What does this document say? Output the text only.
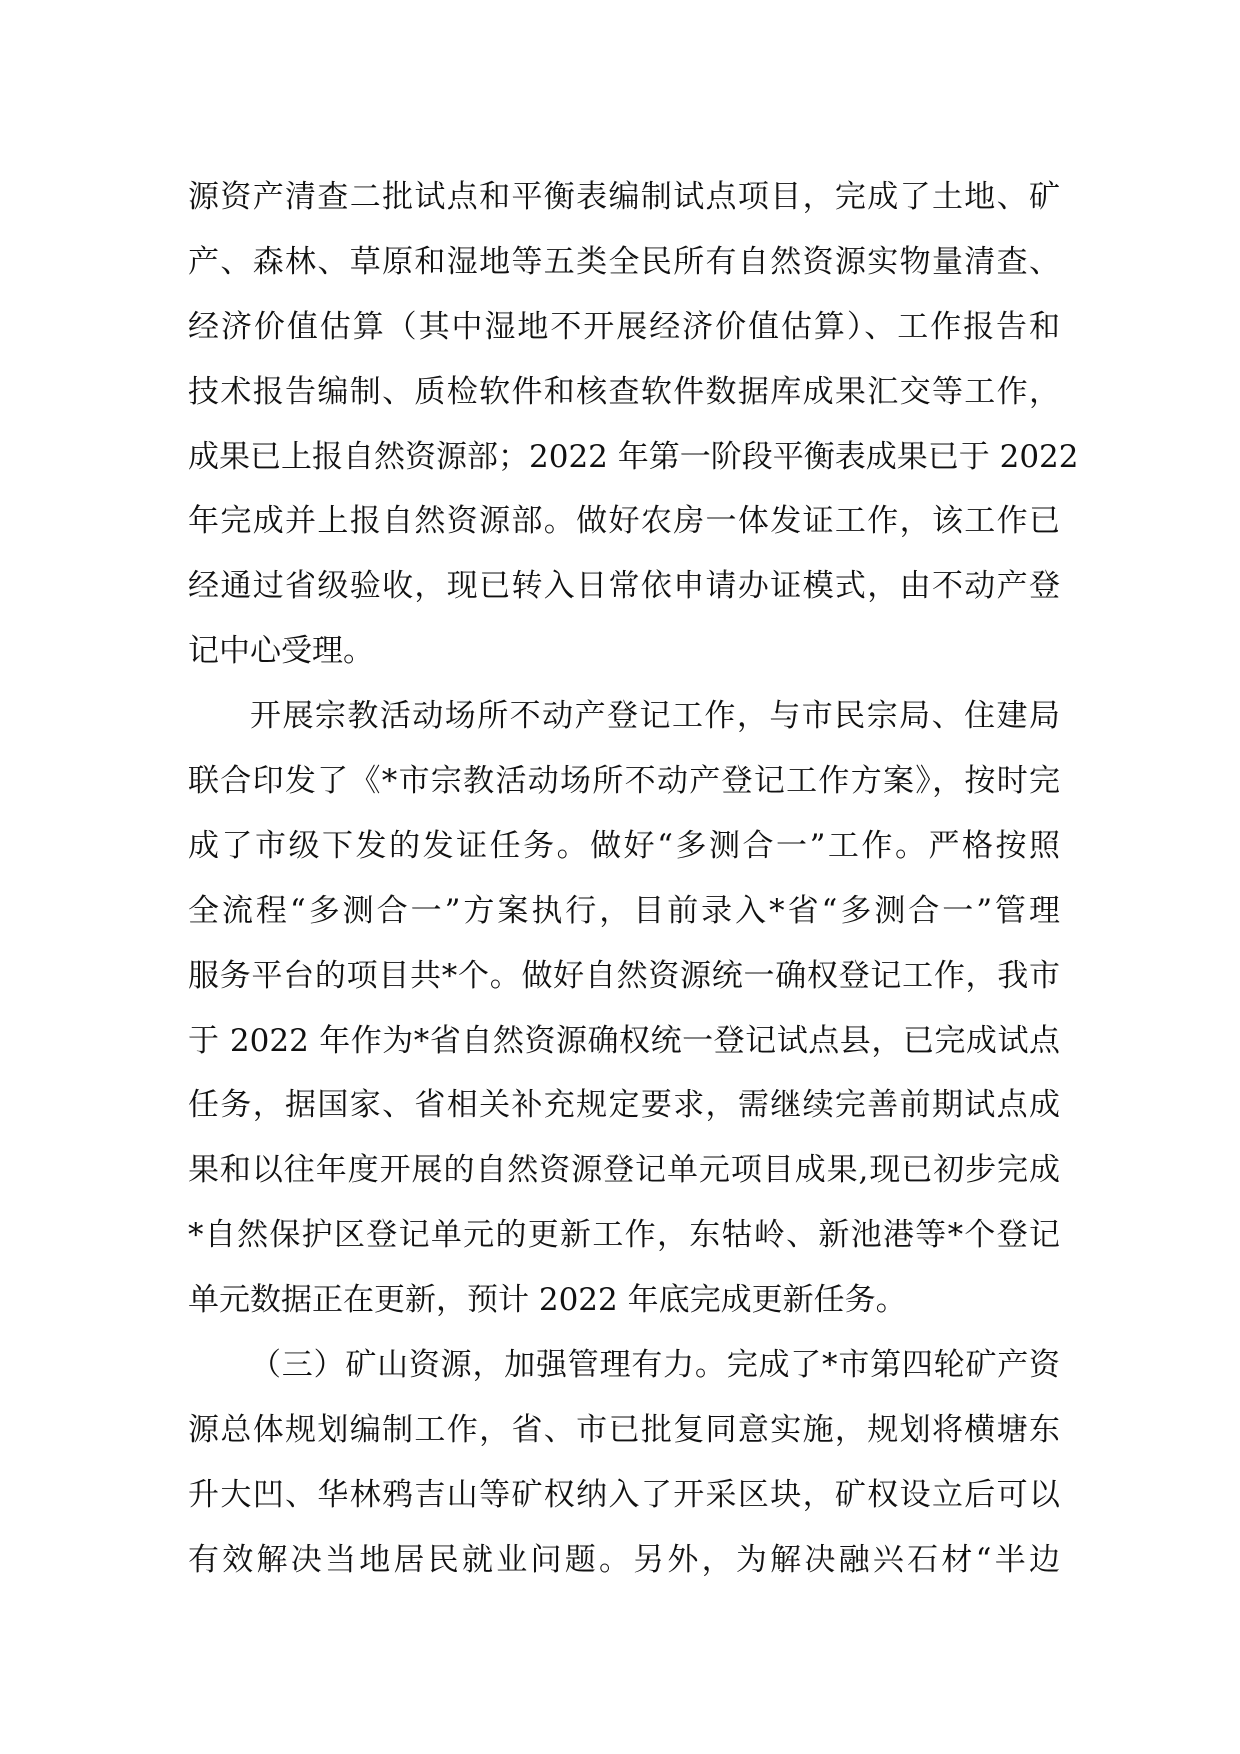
源资产清查二批试点和平衡表编制试点项目，完成了土地、矿
产、森林、草原和湿地等五类全民所有自然资源实物量清查、
经济价值估算（其中湿地不开展经济价值估算）、工作报告和
技术报告编制、质检软件和核查软件数据库成果汇交等工作，
成果已上报自然资源部；2022 年第一阶段平衡表成果已于 2022
年完成并上报自然资源部。做好农房一体发证工作，该工作已
经通过省级验收，现已转入日常依申请办证模式，由不动产登
记中心受理。
开展宗教活动场所不动产登记工作，与市民宗局、住建局
联合印发了《*市宗教活动场所不动产登记工作方案》，按时完
成了市级下发的发证任务。做好“多测合一”工作。严格按照
全流程“多测合一”方案执行，目前录入*省“多测合一”管理
服务平台的项目共*个。做好自然资源统一确权登记工作，我市
于 2022 年作为*省自然资源确权统一登记试点县，已完成试点
任务，据国家、省相关补充规定要求，需继续完善前期试点成
果和以往年度开展的自然资源登记单元项目成果,现已初步完成
*自然保护区登记单元的更新工作，东牯岭、新池港等*个登记
单元数据正在更新，预计 2022 年底完成更新任务。
（三）矿山资源，加强管理有力。完成了*市第四轮矿产资
源总体规划编制工作，省、市已批复同意实施，规划将横塘东
升大凹、华林鸦吉山等矿权纳入了开采区块，矿权设立后可以
有效解决当地居民就业问题。另外，为解决融兴石材“半边
